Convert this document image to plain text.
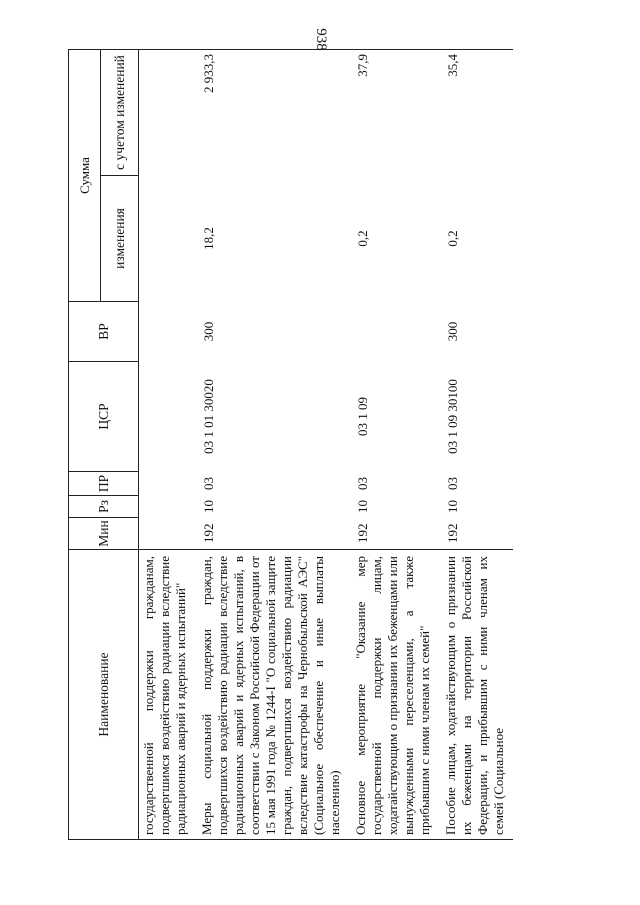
938
Наименование	Мин	Рз	ПР	ЦСР	ВР	Сумма	
						изменения	с учетом изменений
государственной поддержки гражданам, подвергшимся воздействию радиации вследствие радиационных аварий и ядерных испытаний"							
Меры социальной поддержки граждан, подвергшихся воздействию радиации вследствие радиационных аварий и ядерных испытаний, в соответствии с Законом Российской Федерации от 15 мая 1991 года № 1244-I "О социальной защите граждан, подвергшихся воздействию радиации вследствие катастрофы на Чернобыльской АЭС" (Социальное обеспечение и иные выплаты населению)	192	10	03	03 1 01 30020	300	18,2	2 933,3
Основное мероприятие "Оказание мер государственной поддержки лицам, ходатайствующим о признании их беженцами или вынужденными переселенцами, а также прибывшим с ними членам их семей"	192	10	03	03 1 09		0,2	37,9
Пособие лицам, ходатайствующим о признании их беженцами на территории Российской Федерации, и прибывшим с ними членам их семей (Социальное	192	10	03	03 1 09 30100	300	0,2	35,4
